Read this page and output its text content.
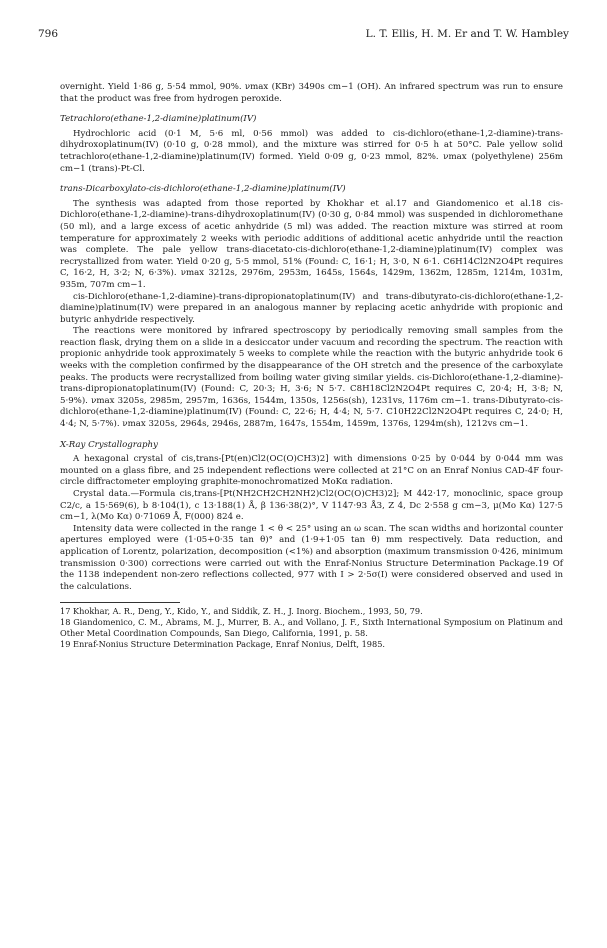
796	L. T. Ellis, H. M. Er and T. W. Hambley

overnight. Yield 1·86 g, 5·54 mmol, 90%. νmax (KBr) 3490s cm−1 (OH). An infrared spectrum was run to ensure that the product was free from hydrogen peroxide.

Tetrachloro(ethane-1,2-diamine)platinum(IV)

Hydrochloric acid (0·1 M, 5·6 ml, 0·56 mmol) was added to cis-dichloro(ethane-1,2-diamine)-trans-dihydroxoplatinum(IV) (0·10 g, 0·28 mmol), and the mixture was stirred for 0·5 h at 50°C. Pale yellow solid tetrachloro(ethane-1,2-diamine)platinum(IV) formed. Yield 0·09 g, 0·23 mmol, 82%. νmax (polyethylene) 256m cm−1 (trans)-Pt-Cl.

trans-Dicarboxylato-cis-dichloro(ethane-1,2-diamine)platinum(IV)

The synthesis was adapted from those reported by Khokhar et al.17 and Giandomenico et al.18 cis-Dichloro(ethane-1,2-diamine)-trans-dihydroxoplatinum(IV) (0·30 g, 0·84 mmol) was suspended in dichloromethane (50 ml), and a large excess of acetic anhydride (5 ml) was added. The reaction mixture was stirred at room temperature for approximately 2 weeks with periodic additions of additional acetic anhydride until the reaction was complete. The pale yellow trans-diacetato-cis-dichloro(ethane-1,2-diamine)platinum(IV) complex was recrystallized from water. Yield 0·20 g, 5·5 mmol, 51% (Found: C, 16·1; H, 3·0, N 6·1. C6H14Cl2N2O4Pt requires C, 16·2, H, 3·2; N, 6·3%). νmax 3212s, 2976m, 2953m, 1645s, 1564s, 1429m, 1362m, 1285m, 1214m, 1031m, 935m, 707m cm−1.

cis-Dichloro(ethane-1,2-diamine)-trans-dipropionatoplatinum(IV) and trans-dibutyrato-cis-dichloro(ethane-1,2-diamine)platinum(IV) were prepared in an analogous manner by replacing acetic anhydride with propionic and butyric anhydride respectively.

The reactions were monitored by infrared spectroscopy by periodically removing small samples from the reaction flask, drying them on a slide in a desiccator under vacuum and recording the spectrum. The reaction with propionic anhydride took approximately 5 weeks to complete while the reaction with the butyric anhydride took 6 weeks with the completion confirmed by the disappearance of the OH stretch and the presence of the carboxylate peaks. The products were recrystallized from boiling water giving similar yields. cis-Dichloro(ethane-1,2-diamine)-trans-dipropionatoplatinum(IV) (Found: C, 20·3; H, 3·6; N 5·7. C8H18Cl2N2O4Pt requires C, 20·4; H, 3·8; N, 5·9%). νmax 3205s, 2985m, 2957m, 1636s, 1544m, 1350s, 1256s(sh), 1231vs, 1176m cm−1. trans-Dibutyrato-cis-dichloro(ethane-1,2-diamine)platinum(IV) (Found: C, 22·6; H, 4·4; N, 5·7. C10H22Cl2N2O4Pt requires C, 24·0; H, 4·4; N, 5·7%). νmax 3205s, 2964s, 2946s, 2887m, 1647s, 1554m, 1459m, 1376s, 1294m(sh), 1212vs cm−1.

X-Ray Crystallography

A hexagonal crystal of cis,trans-[Pt(en)Cl2(OC(O)CH3)2] with dimensions 0·25 by 0·044 by 0·044 mm was mounted on a glass fibre, and 25 independent reflections were collected at 21°C on an Enraf Nonius CAD-4F four-circle diffractometer employing graphite-monochromatized MoKα radiation.

Crystal data.—Formula cis,trans-[Pt(NH2CH2CH2NH2)Cl2(OC(O)CH3)2]; M 442·17, monoclinic, space group C2/c, a 15·569(6), b 8·104(1), c 13·188(1) Å, β 136·38(2)°, V 1147·93 Å3, Z 4, Dc 2·558 g cm−3, μ(Mo Kα) 127·5 cm−1, λ(Mo Kα) 0·71069 Å, F(000) 824 e.

Intensity data were collected in the range 1 < θ < 25° using an ω scan. The scan widths and horizontal counter apertures employed were (1·05+0·35 tan θ)° and (1·9+1·05 tan θ) mm respectively. Data reduction, and application of Lorentz, polarization, decomposition (<1%) and absorption (maximum transmission 0·426, minimum transmission 0·300) corrections were carried out with the Enraf-Nonius Structure Determination Package.19 Of the 1138 independent non-zero reflections collected, 977 with I > 2·5σ(I) were considered observed and used in the calculations.

17 Khokhar, A. R., Deng, Y., Kido, Y., and Siddik, Z. H., J. Inorg. Biochem., 1993, 50, 79.

18 Giandomenico, C. M., Abrams, M. J., Murrer, B. A., and Vollano, J. F., Sixth International Symposium on Platinum and Other Metal Coordination Compounds, San Diego, California, 1991, p. 58.

19 Enraf-Nonius Structure Determination Package, Enraf Nonius, Delft, 1985.
